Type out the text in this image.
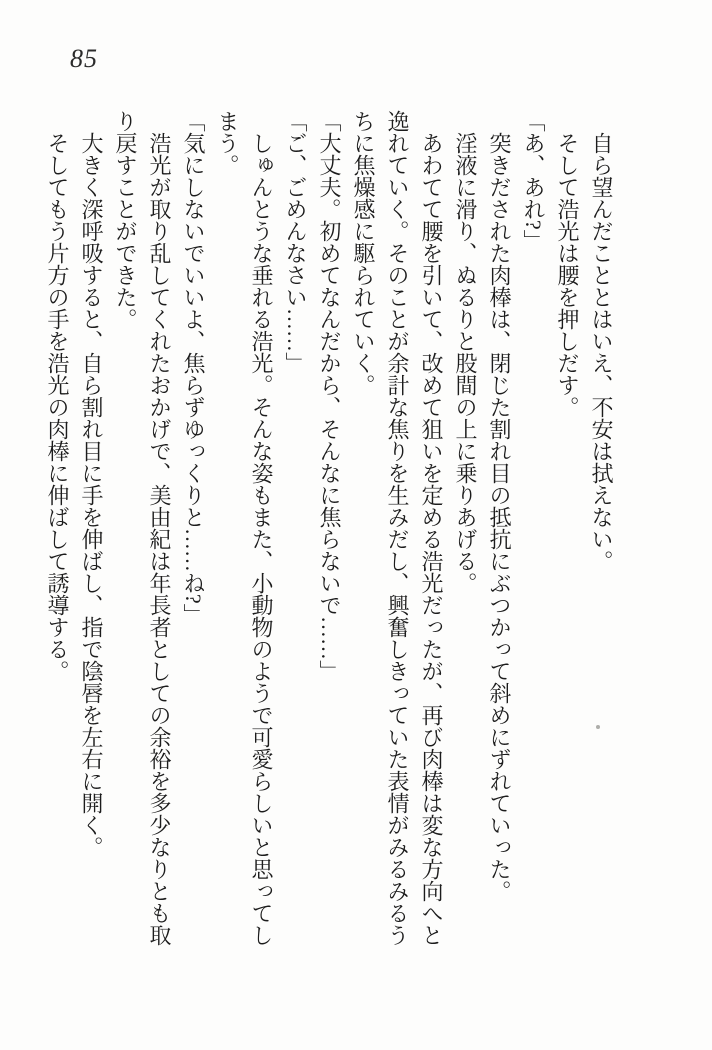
85

自ら望んだこととはいえ、不安は拭えない。

そして浩光は腰を押しだす。

「あ、あれ?」

突きだされた肉棒は、閉じた割れ目の抵抗にぶつかって斜めにずれていった。

淫液に滑り、ぬるりと股間の上に乗りあげる。

あわてて腰を引いて、改めて狙いを定める浩光だったが、再び肉棒は変な方向へと逸れていく。そのことが余計な焦りを生みだし、興奮しきっていた表情がみるみるうちに焦燥感に駆られていく。

「大丈夫。初めてなんだから、そんなに焦らないで……」

「ご、ごめんなさい……」

しゅんとうな垂れる浩光。そんな姿もまた、小動物のようで可愛らしいと思ってしまう。

「気にしないでいいよ、焦らずゆっくりと……ね?」

浩光が取り乱してくれたおかげで、美由紀は年長者としての余裕を多少なりとも取り戻すことができた。

大きく深呼吸すると、自ら割れ目に手を伸ばし、指で陰唇を左右に開く。

そしてもう片方の手を浩光の肉棒に伸ばして誘導する。
